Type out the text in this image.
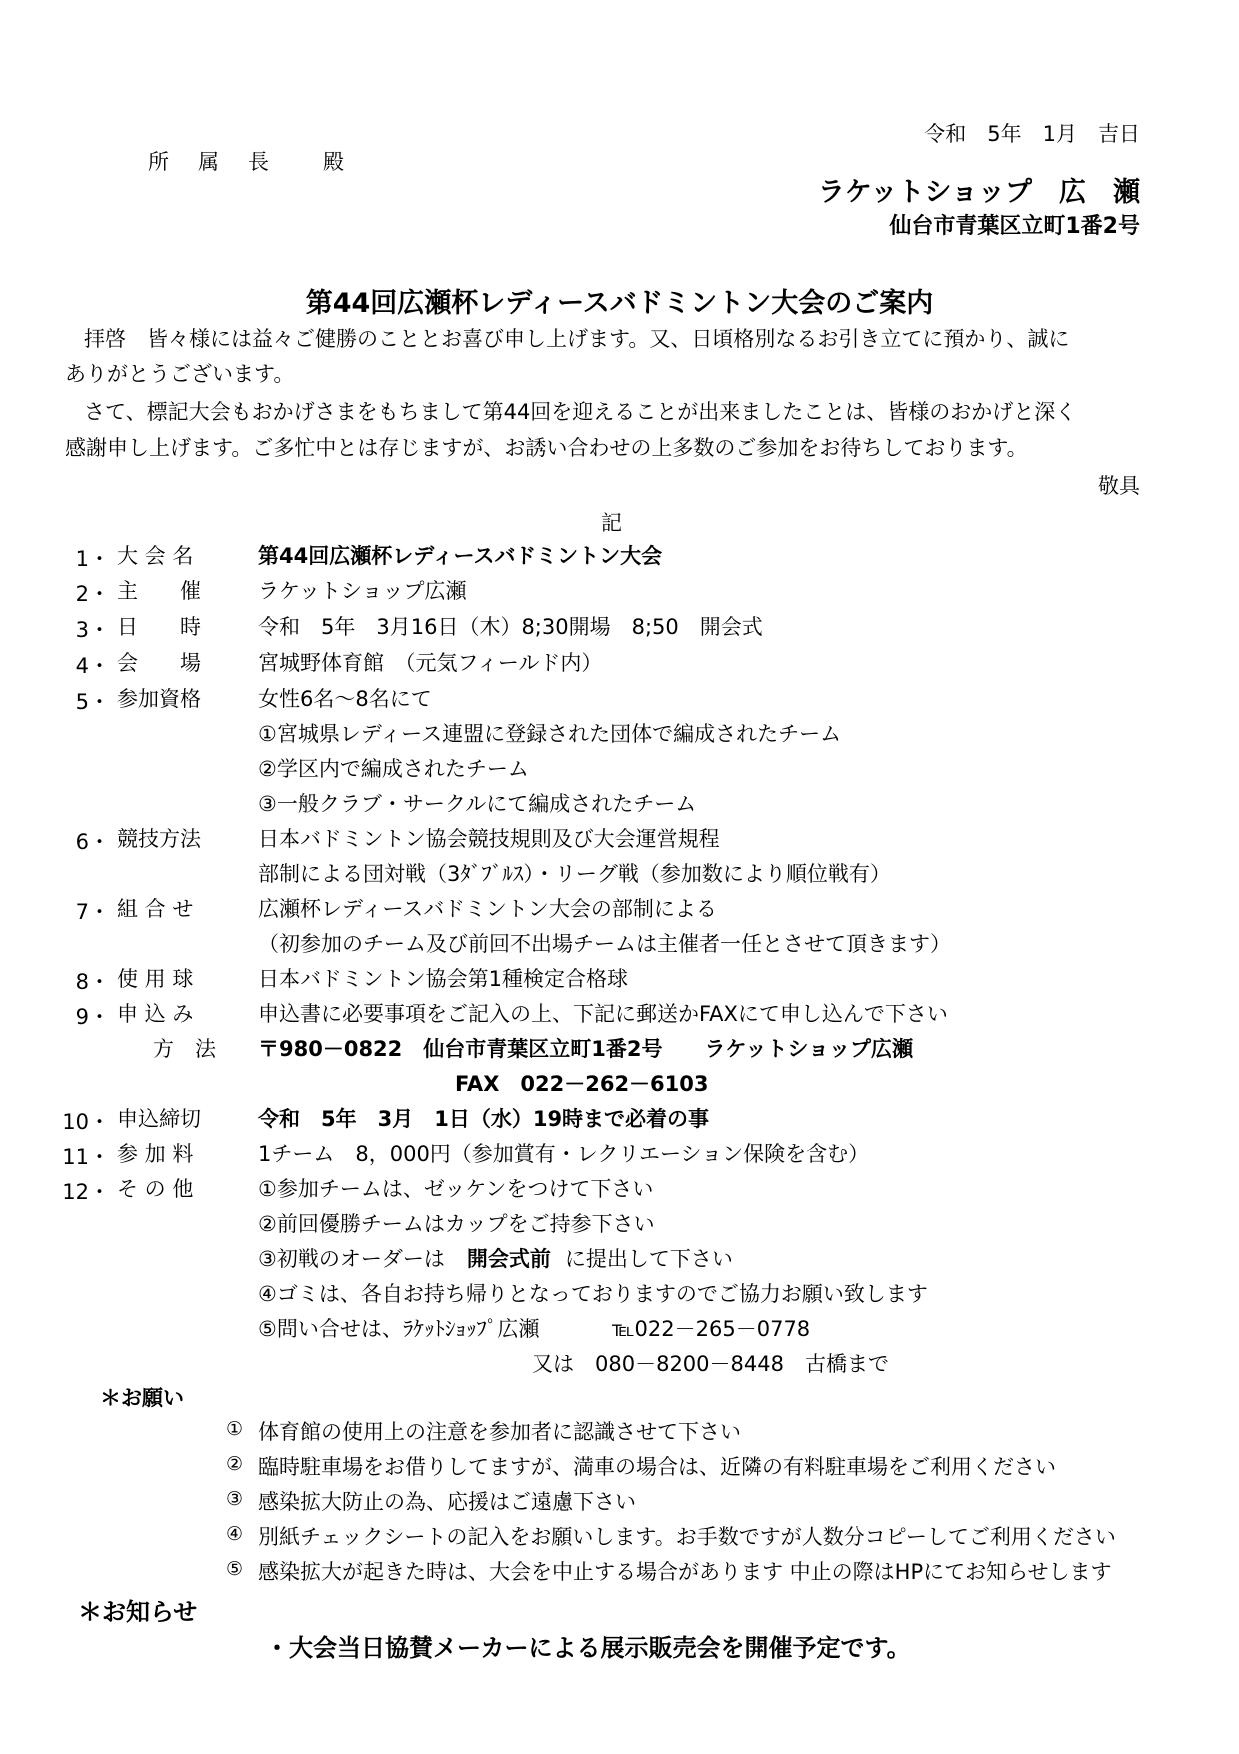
令和　5年　1月　吉日
所　属　長　　殿
ラケットショップ　広　瀬
仙台市青葉区立町1番2号
第44回広瀬杯レディースバドミントン大会のご案内
拝啓　皆々様には益々ご健勝のこととお喜び申し上げます。又、日頃格別なるお引き立てに預かり、誠に
ありがとうございます。
さて、標記大会もおかげさまをもちまして第44回を迎えることが出来ましたことは、皆様のおかげと深く
感謝申し上げます。ご多忙中とは存じますが、お誘い合わせの上多数のご参加をお待ちしております。
敬具
記
1・ 大 会 名	第44回広瀬杯レディースバドミントン大会
2・ 主　　催	ラケットショップ広瀬
3・ 日　　時	令和　5年　3月16日（木）8;30開場　8;50　開会式
4・ 会　　場	宮城野体育館　（元気フィールド内）
5・ 参加資格	女性6名～8名にて
①宮城県レディース連盟に登録された団体で編成されたチーム
②学区内で編成されたチーム
③一般クラブ・サークルにて編成されたチーム
6・ 競技方法	日本バドミントン協会競技規則及び大会運営規程
部制による団対戦（3ﾀﾞﾌﾞﾙｽ）・リーグ戦（参加数により順位戦有）
7・ 組 合 せ	広瀬杯レディースバドミントン大会の部制による
（初参加のチーム及び前回不出場チームは主催者一任とさせて頂きます）
8・ 使 用 球	日本バドミントン協会第1種検定合格球
9・ 申 込 み	申込書に必要事項をご記入の上、下記に郵送かFAXにて申し込んで下さい
方　法 〒980－0822　仙台市青葉区立町1番2号　　ラケットショップ広瀬
FAX　022－262－6103
10・ 申込締切	令和　5年　3月　1日（水）19時まで必着の事
11・ 参 加 料	1チーム　8，000円（参加賞有・レクリエーション保険を含む）
12・ そ の 他	①参加チームは、ゼッケンをつけて下さい
②前回優勝チームはカップをご持参下さい
③初戦のオーダーは 開会式前 に提出して下さい
④ゴミは、各自お持ち帰りとなっておりますのでご協力お願い致します
⑤問い合せは、ﾗｹｯﾄｼｮｯﾌﾟ広瀬	℡022－265－0778
又は　080－8200－8448　古橋まで
＊お願い
① 体育館の使用上の注意を参加者に認識させて下さい
② 臨時駐車場をお借りしてますが、満車の場合は、近隣の有料駐車場をご利用ください
③ 感染拡大防止の為、応援はご遠慮下さい
④ 別紙チェックシートの記入をお願いします。お手数ですが人数分コピーしてご利用ください
⑤ 感染拡大が起きた時は、大会を中止する場合があります 中止の際はHPにてお知らせします
＊お知らせ
・大会当日協賛メーカーによる展示販売会を開催予定です。
